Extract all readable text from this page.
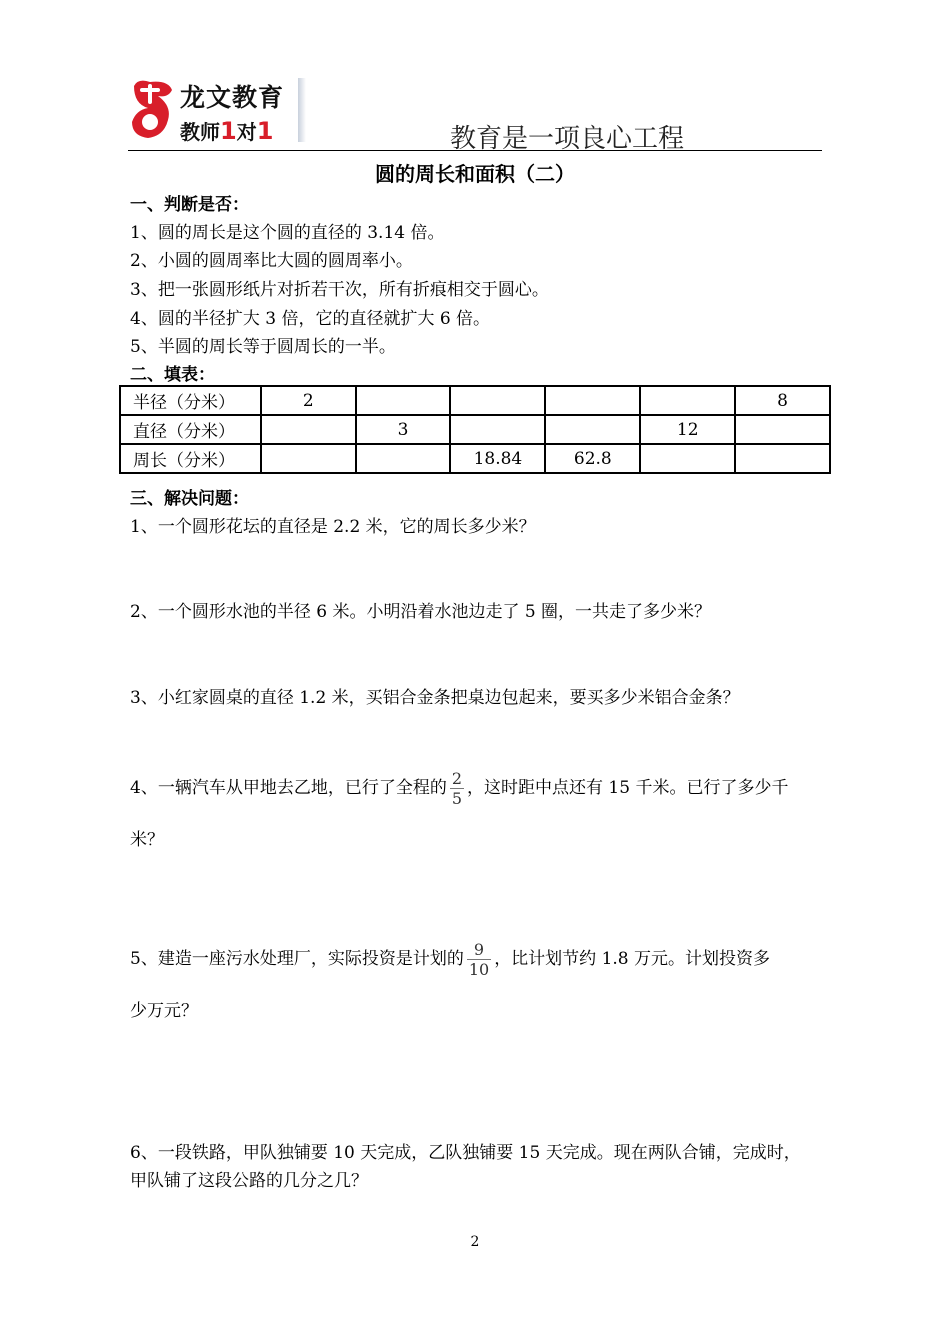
龙文教育
教师1对1	教育是一项良心工程
圆的周长和面积（二）
一、判断是否：
1、圆的周长是这个圆的直径的 3.14 倍。
2、小圆的圆周率比大圆的圆周率小。
3、把一张圆形纸片对折若干次，所有折痕相交于圆心。
4、圆的半径扩大 3 倍，它的直径就扩大 6 倍。
5、半圆的周长等于圆周长的一半。
二、填表：
半径（分米）	2					8
直径（分米）		3			12	
周长（分米）			18.84	62.8		
三、解决问题：
1、一个圆形花坛的直径是 2.2 米，它的周长多少米？
2、一个圆形水池的半径 6 米。小明沿着水池边走了 5 圈，一共走了多少米？
3、小红家圆桌的直径 1.2 米，买铝合金条把桌边包起来，要买多少米铝合金条？
4、一辆汽车从甲地去乙地，已行了全程的 $\frac{2}{5}$ ，这时距中点还有 15 千米。已行了多少千
米？
5、建造一座污水处理厂，实际投资是计划的 $\frac{9}{10}$ ，比计划节约 1.8 万元。计划投资多
少万元？
6、一段铁路，甲队独铺要 10 天完成，乙队独铺要 15 天完成。现在两队合铺，完成时，
甲队铺了这段公路的几分之几？
2
